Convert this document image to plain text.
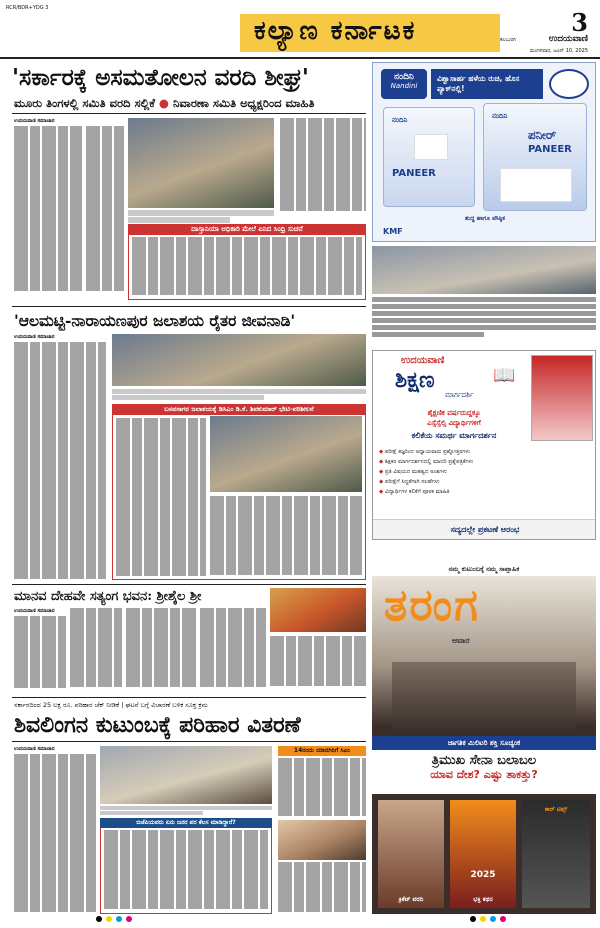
RCR/BDR+YDG 3
ಕಲ್ಯಾಣ ಕರ್ನಾಟಕ	3
ಕಲಬುರಗಿ	ಉದಯವಾಣಿ
ಮಂಗಳವಾರ, ಜೂನ್ 10, 2025
'ಸರ್ಕಾರಕ್ಕೆ ಅಸಮತೋಲನ ವರದಿ ಶೀಘ್ರ'
ಮೂರು ತಿಂಗಳಲ್ಲಿ ಸಮಿತಿ ವರದಿ ಸಲ್ಲಿಕೆ ● ನಿವಾರಣಾ ಸಮಿತಿ ಅಧ್ಯಕ್ಷರಿಂದ ಮಾಹಿತಿ
ಉದಯವಾಣಿ ಸಮಾಚಾರ
ದಾಸ್ತಾನಿಯಾ ಅಧಿಕಾರಿ ಮೇಲೆ ಏನಿದ ಸಿಂಧ್ರಿ ಸುಚನೆ
'ಆಲಮಟ್ಟಿ-ನಾರಾಯಣಪುರ ಜಲಾಶಯ ರೈತರ ಜೀವನಾಡಿ'
ಉದಯವಾಣಿ ಸಮಾಚಾರ
ಬಸವಸಾಗರ ಜಲಾಶಯಕ್ಕೆ ಡಿಸಿಎಂ ಡಿ.ಕೆ. ಶಿವಕುಮಾರ್ ಭೇಟಿ-ಪರಿಶೀಲನೆ
ಮಾನವ ದೇಹವೇ ಸತ್ಯಂಗ ಭವನ: ಶ್ರೀಶೈಲ ಶ್ರೀ
ಉದಯವಾಣಿ ಸಮಾಚಾರ
ಸರ್ಕಾರದಿಂದ 25 ಲಕ್ಷ ರೂ. ಪರಿಹಾರ ಚೆಕ್ ನೀಡಿಕೆ | ಘಟನೆ ಬಗ್ಗೆ ವಿಚಾರಣೆ ಬಳಿಕ ಸೂಕ್ತ ಕ್ರಮ
ಶಿವಲಿಂಗನ ಕುಟುಂಬಕ್ಕೆ ಪರಿಹಾರ ವಿತರಣೆ
ಉದಯವಾಣಿ ಸಮಾಚಾರ
ಬಿಜೆಪಿಯವರು ಏನು ಜನರ ಪರ ಕೆಲಸ ಮಾಡಿದ್ದಾರೆ?
14ರಂದು ಯಾದಗಿರಿಗೆ ಸಿಎಂ
ನಂದಿನಿ
Nandini
ವಿಶ್ವಾಸಾರ್ಹ ಹಳೆಯ ರುಚಿ, ಹೊಸ ಪ್ಯಾಕ್‌ನಲ್ಲಿ!
ನಂದಿನಿ
PANEER
ನಂದಿನಿ
ಪನೀರ್
PANEER
ಶುದ್ಧ ಹಾಗೂ ಪೌಷ್ಠಿಕ
KMF
ಉದಯವಾಣಿ
ಶಿಕ್ಷಣ
ಮಾರ್ಗದರ್ಶಿ
📖
ಶೈಕ್ಷಣಿಕ ವರ್ಷದುದ್ದಕ್ಕೂ
ಎಸ್ಸೆಸ್ಸೆಲ್ಸಿ ವಿದ್ಯಾರ್ಥಿಗಳಿಗೆ
ಕಲಿಕೆಯ ಸಮರ್ಥ ಮಾರ್ಗದರ್ಶನ
◆ ಪರೀಕ್ಷೆ ತಜ್ಞರಿಂದ ಅಧ್ಯಾಯವಾರು ಪ್ರಶ್ನೋತ್ತರಗಳು
◆ ಶಿಕ್ಷಕರ ಮಾರ್ಗದರ್ಶನದಲ್ಲಿ ಮಾದರಿ ಪ್ರಶ್ನೆಪತ್ರಿಕೆಗಳು
◆ ಪ್ರತಿ ವಿಷಯದ ಮಹತ್ವದ ಅಂಶಗಳು
◆ ಪರೀಕ್ಷೆಗೆ ಸಿದ್ಧತೆಗಾಗಿ ಸಲಹೆಗಳು
◆ ವಿದ್ಯಾರ್ಥಿಗಳ ಕಲಿಕೆಗೆ ಪೂರಕ ಮಾಹಿತಿ
ಸದ್ಯದಲ್ಲೇ ಪ್ರಕಟಣೆ ಆರಂಭ
ನಮ್ಮ ಕುಟುಂಬಕ್ಕೆ ನಮ್ಮ ಸಾಪ್ತಾಹಿಕ
ತರಂಗ
ಆವಾರ
ಜಾಗತಿಕ ಮಿಲಿಟರಿ ಶಕ್ತಿ ಸೂಚ್ಯಂಕ
ತ್ರಿಮುಖ ಸೇನಾ ಬಲಾಬಲ
ಯಾವ ದೇಶ? ಎಷ್ಟು ತಾಕತ್ತು?
ಕ್ರಿಕೆಟ್ ವರದಿ
2025
ಭಕ್ತಿ ಕಥನ
ಕಾರ್ ಟಿಪ್ಸ್
